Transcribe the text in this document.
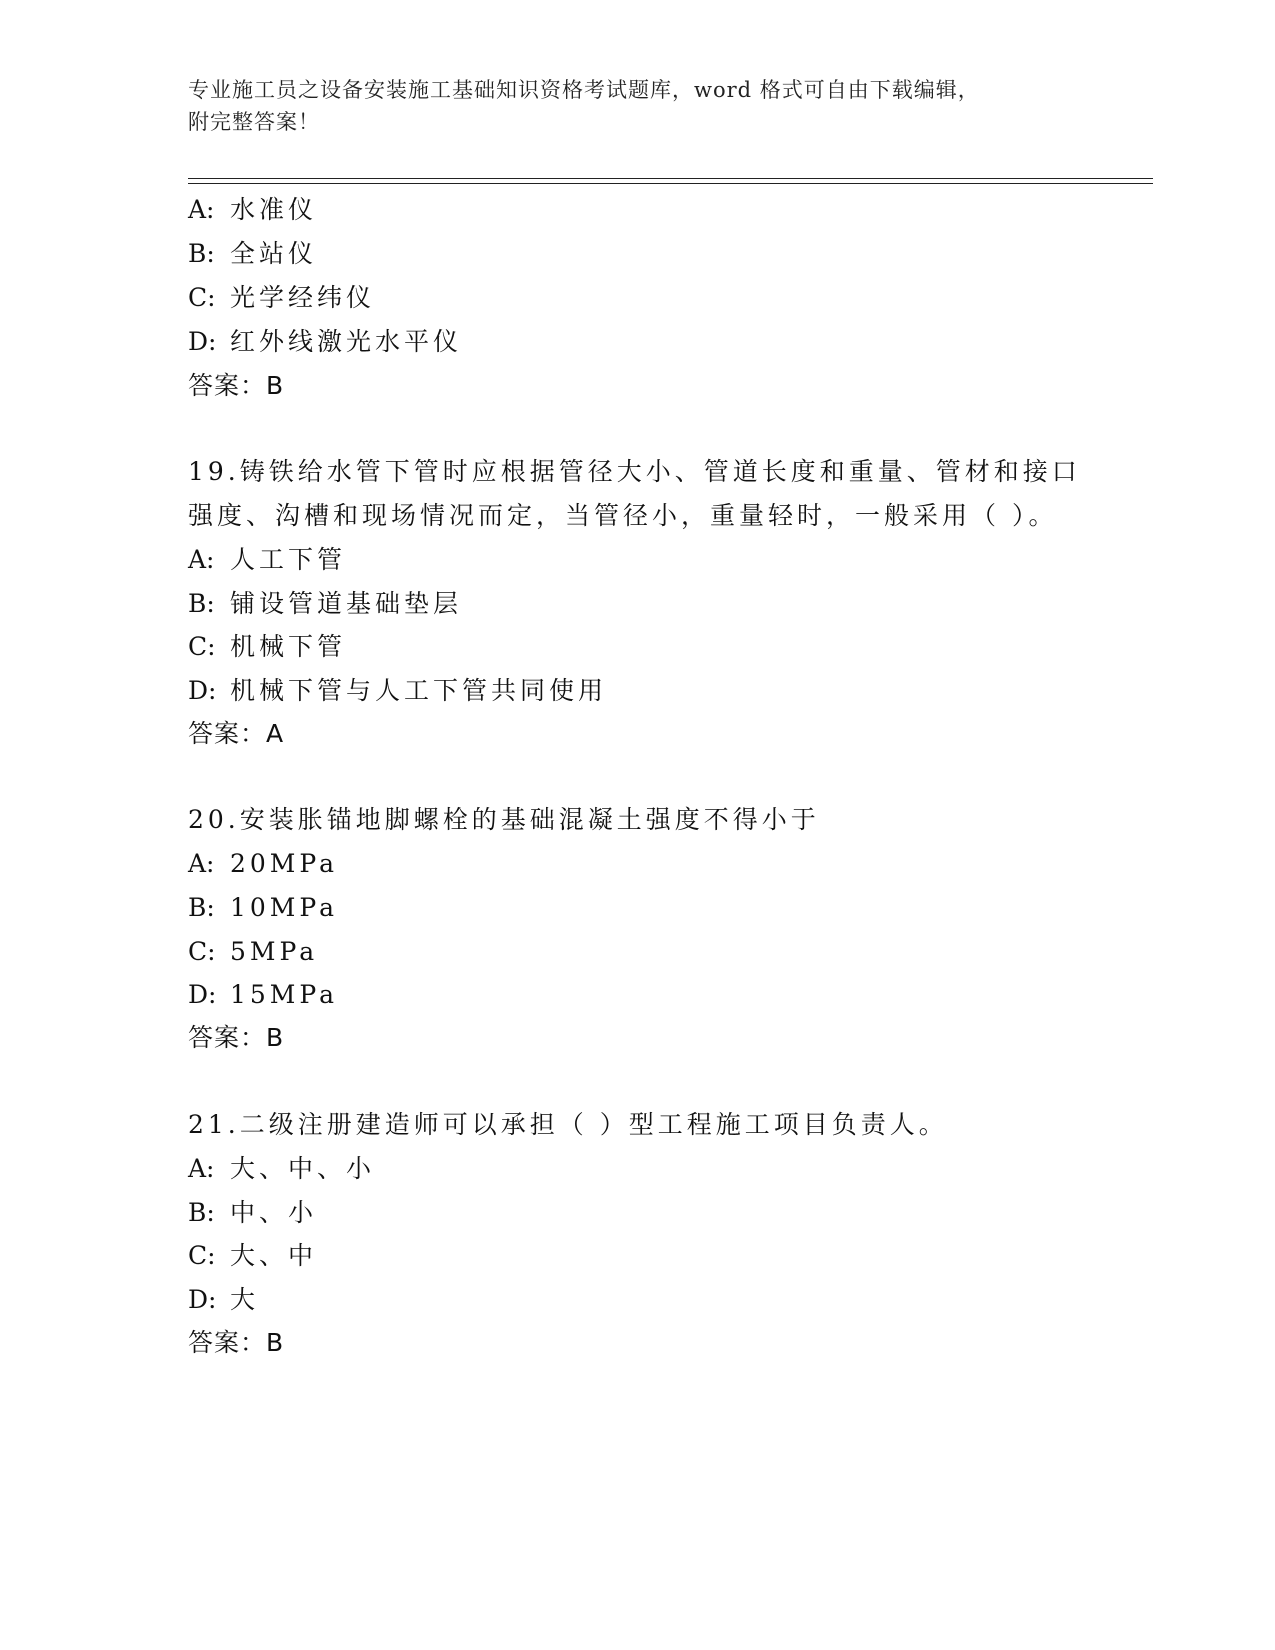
专业施工员之设备安装施工基础知识资格考试题库，word 格式可自由下载编辑，
附完整答案！
A: 水准仪
B: 全站仪
C: 光学经纬仪
D: 红外线激光水平仪
答案：B
19.铸铁给水管下管时应根据管径大小、管道长度和重量、管材和接口
强度、沟槽和现场情况而定，当管径小，重量轻时，一般采用（ ）。
A: 人工下管
B: 铺设管道基础垫层
C: 机械下管
D: 机械下管与人工下管共同使用
答案：A
20.安装胀锚地脚螺栓的基础混凝土强度不得小于
A: 20MPa
B: 10MPa
C: 5MPa
D: 15MPa
答案：B
21.二级注册建造师可以承担（ ）型工程施工项目负责人。
A: 大、中、小
B: 中、小
C: 大、中
D: 大
答案：B
